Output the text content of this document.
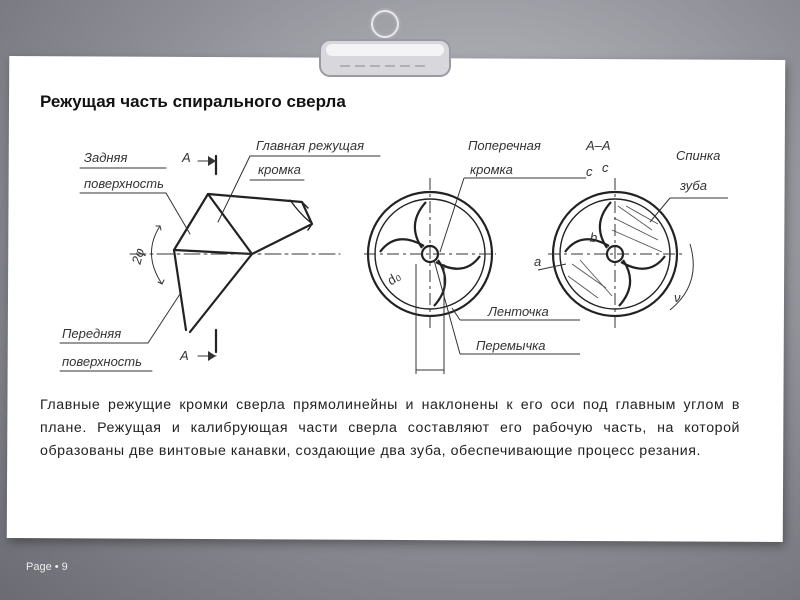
Режущая часть спирального сверла
Задняя
поверхность
А
Главная режущая
кромка
2φ
Передняя
поверхность	А
Поперечная
кромка
d₀
Ленточка
Перемычка
А–А
с с
Спинка
зуба
b
a
ν

Главные режущие кромки сверла прямолинейны и наклонены к его оси под главным углом в плане. Режущая и калибрующая части сверла составляют его рабочую часть, на которой образованы две винтовые канавки, создающие два зуба, обеспечивающие процесс резания.

Page • 9
